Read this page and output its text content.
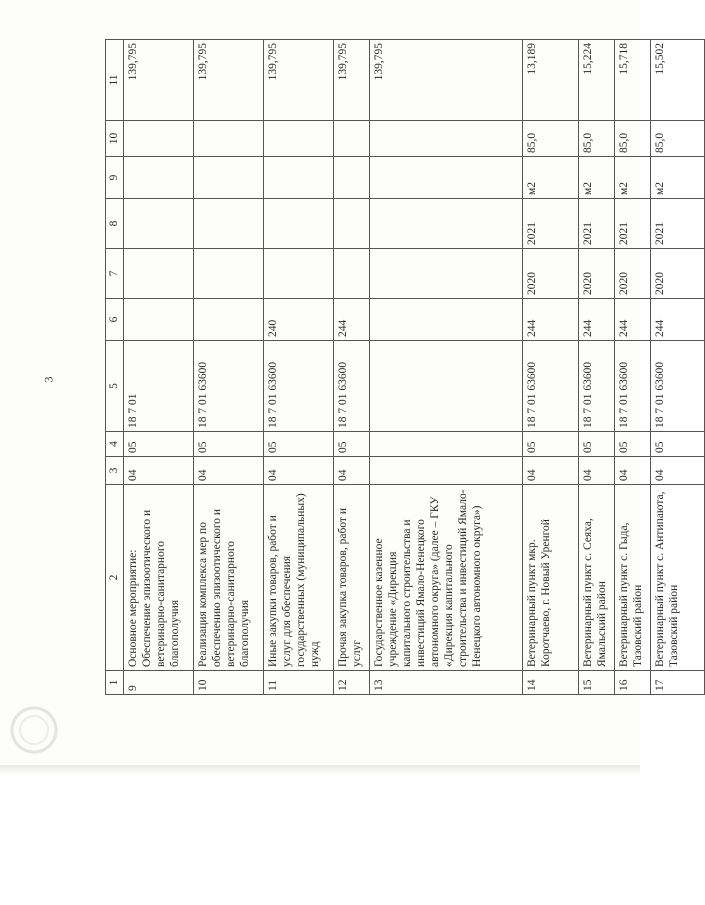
3
1	2	3	4	5	6	7	8	9	10	11
9	Основное мероприятие: Обеспечение эпизоотического и ветеринарно-санитарного благополучия	04	05	18 7 01						139,795
10	Реализация комплекса мер по обеспечению эпизоотического и ветеринарно-санитарного благополучия	04	05	18 7 01 63600						139,795
11	Иные закупки товаров, работ и услуг для обеспечения государственных (муниципальных) нужд	04	05	18 7 01 63600	240					139,795
12	Прочая закупка товаров, работ и услуг	04	05	18 7 01 63600	244					139,795
13	Государственное казенное учреждение «Дирекция капитального строительства и инвестиций Ямало-Ненецкого автономного округа» (далее – ГКУ «Дирекция капитального строительства и инвестиций Ямало-Ненецкого автономного округа»)									139,795
14	Ветеринарный пункт мкр. Коротчаево, г. Новый Уренгой	04	05	18 7 01 63600	244	2020	2021	м2	85,0	13,189
15	Ветеринарный пункт с. Сеяха, Ямальский район	04	05	18 7 01 63600	244	2020	2021	м2	85,0	15,224
16	Ветеринарный пункт с. Гыда, Тазовский район	04	05	18 7 01 63600	244	2020	2021	м2	85,0	15,718
17	Ветеринарный пункт с. Антипаюта, Тазовский район	04	05	18 7 01 63600	244	2020	2021	м2	85,0	15,502
